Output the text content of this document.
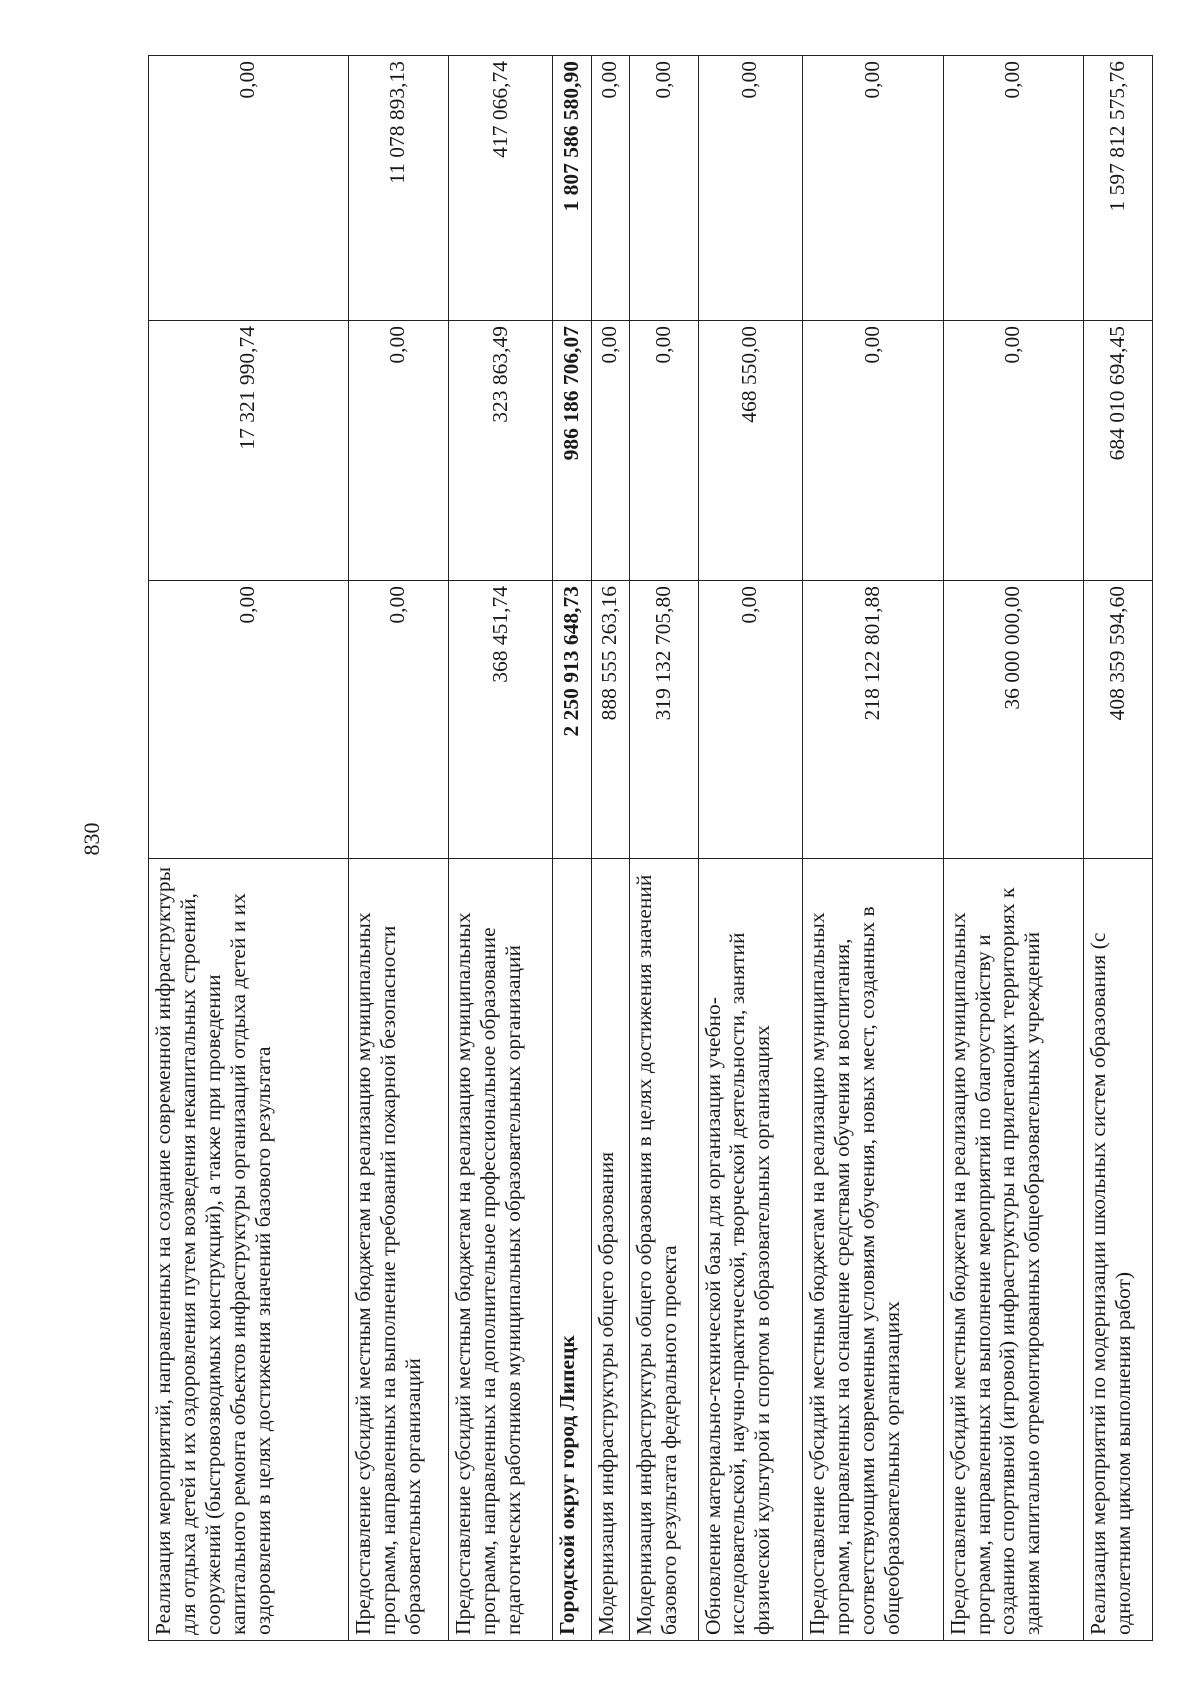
830
Реализация мероприятий, направленных на создание современной инфраструктуры для отдыха детей и их оздоровления путем возведения некапитальных строений, сооружений (быстровозводимых конструкций), а также при проведении капитального ремонта объектов инфраструктуры организаций отдыха детей и их оздоровления в целях достижения значений базового результата	0,00	17 321 990,74	0,00
Предоставление субсидий местным бюджетам на реализацию муниципальных программ, направленных на выполнение требований пожарной безопасности образовательных организаций	0,00	0,00	11 078 893,13
Предоставление субсидий местным бюджетам на реализацию муниципальных программ, направленных на дополнительное профессиональное образование педагогических работников муниципальных образовательных организаций	368 451,74	323 863,49	417 066,74
Городской округ город Липецк	2 250 913 648,73	986 186 706,07	1 807 586 580,90
Модернизация инфраструктуры общего образования	888 555 263,16	0,00	0,00
Модернизация инфраструктуры общего образования в целях достижения значений базового результата федерального проекта	319 132 705,80	0,00	0,00
Обновление материально-технической базы для организации учебно-исследовательской, научно-практической, творческой деятельности, занятий физической культурой и спортом в образовательных организациях	0,00	468 550,00	0,00
Предоставление субсидий местным бюджетам на реализацию муниципальных программ, направленных на оснащение средствами обучения и воспитания, соответствующими современным условиям обучения, новых мест, созданных в общеобразовательных организациях	218 122 801,88	0,00	0,00
Предоставление субсидий местным бюджетам на реализацию муниципальных программ, направленных на выполнение мероприятий по благоустройству и созданию спортивной (игровой) инфраструктуры на прилегающих территориях к зданиям капитально отремонтированных общеобразовательных учреждений	36 000 000,00	0,00	0,00
Реализация мероприятий по модернизации школьных систем образования (с однолетним циклом выполнения работ)	408 359 594,60	684 010 694,45	1 597 812 575,76
